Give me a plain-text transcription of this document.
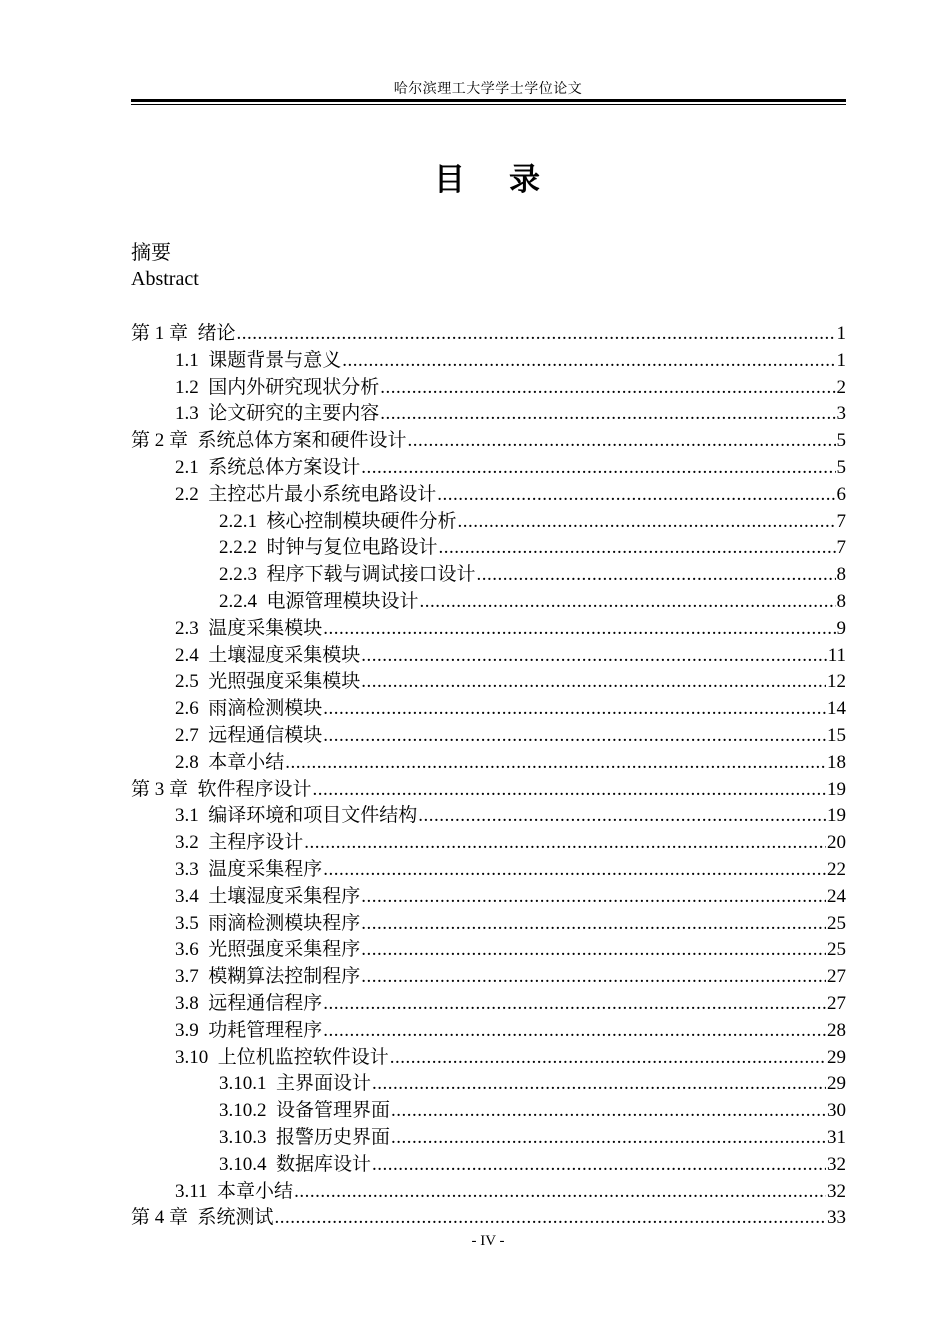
哈尔滨理工大学学士学位论文
目 录
摘要
Abstract
第 1 章 绪论 .....	1
1.1 课题背景与意义 .....	1
1.2 国内外研究现状分析 .....	2
1.3 论文研究的主要内容 .....	3
第 2 章 系统总体方案和硬件设计 .....	5
2.1 系统总体方案设计 .....	5
2.2 主控芯片最小系统电路设计 .....	6
2.2.1 核心控制模块硬件分析 .....	7
2.2.2 时钟与复位电路设计 .....	7
2.2.3 程序下载与调试接口设计 .....	8
2.2.4 电源管理模块设计 .....	8
2.3 温度采集模块 .....	9
2.4 土壤湿度采集模块 .....	11
2.5 光照强度采集模块 .....	12
2.6 雨滴检测模块 .....	14
2.7 远程通信模块 .....	15
2.8 本章小结 .....	18
第 3 章 软件程序设计 .....	19
3.1 编译环境和项目文件结构 .....	19
3.2 主程序设计 .....	20
3.3 温度采集程序 .....	22
3.4 土壤湿度采集程序 .....	24
3.5 雨滴检测模块程序 .....	25
3.6 光照强度采集程序 .....	25
3.7 模糊算法控制程序 .....	27
3.8 远程通信程序 .....	27
3.9 功耗管理程序 .....	28
3.10 上位机监控软件设计 .....	29
3.10.1 主界面设计 .....	29
3.10.2 设备管理界面 .....	30
3.10.3 报警历史界面 .....	31
3.10.4 数据库设计 .....	32
3.11 本章小结 .....	32
第 4 章 系统测试 .....	33
- IV -
